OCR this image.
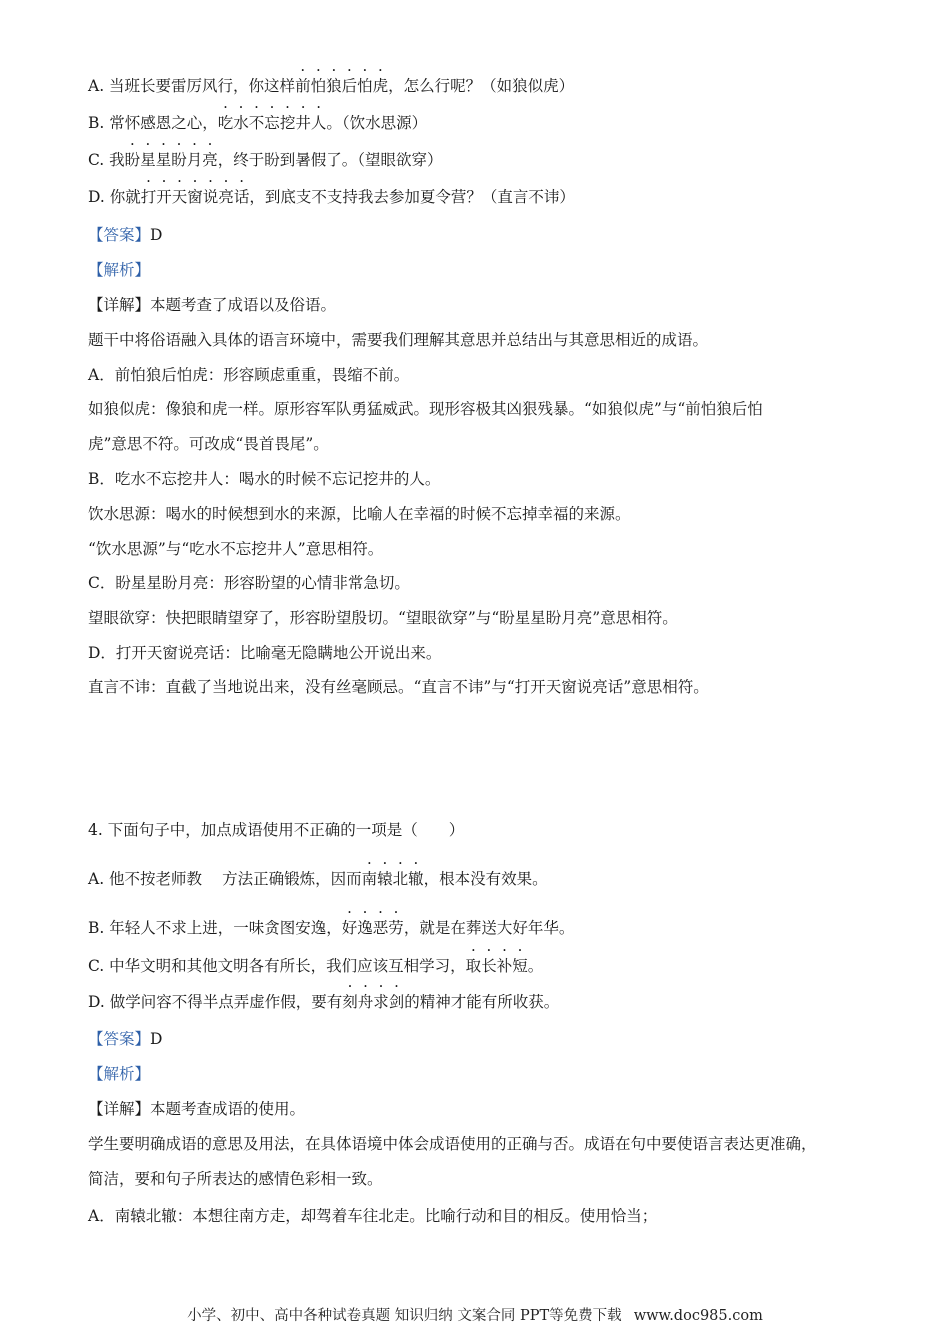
A. 当班长要雷厉风行，你这样前怕狼后怕虎，怎么行呢？（如狼似虎）
B. 常怀感恩之心，吃水不忘挖井人。（饮水思源）
C. 我盼星星盼月亮，终于盼到暑假了。（望眼欲穿）
D. 你就打开天窗说亮话，到底支不支持我去参加夏令营？（直言不讳）
【答案】D
【解析】
【详解】本题考查了成语以及俗语。
题干中将俗语融入具体的语言环境中，需要我们理解其意思并总结出与其意思相近的成语。
A．前怕狼后怕虎：形容顾虑重重，畏缩不前。
如狼似虎：像狼和虎一样。原形容军队勇猛威武。现形容极其凶狠残暴。“如狼似虎”与“前怕狼后怕
虎”意思不符。可改成“畏首畏尾”。
B．吃水不忘挖井人：喝水的时候不忘记挖井的人。
饮水思源：喝水的时候想到水的来源，比喻人在幸福的时候不忘掉幸福的来源。
“饮水思源”与“吃水不忘挖井人”意思相符。
C．盼星星盼月亮：形容盼望的心情非常急切。
望眼欲穿：快把眼睛望穿了，形容盼望殷切。“望眼欲穿”与“盼星星盼月亮”意思相符。
D．打开天窗说亮话：比喻毫无隐瞒地公开说出来。
直言不讳：直截了当地说出来，没有丝毫顾忌。“直言不讳”与“打开天窗说亮话”意思相符。
4. 下面句子中，加点成语使用不正确的一项是（　　）
A. 他不按老师教 方法正确锻炼，因而南辕北辙，根本没有效果。
B. 年轻人不求上进，一味贪图安逸，好逸恶劳，就是在葬送大好年华。
C. 中华文明和其他文明各有所长，我们应该互相学习，取长补短。
D. 做学问容不得半点弄虚作假，要有刻舟求剑的精神才能有所收获。
【答案】D
【解析】
【详解】本题考查成语的使用。
学生要明确成语的意思及用法，在具体语境中体会成语使用的正确与否。成语在句中要使语言表达更准确，
简洁，要和句子所表达的感情色彩相一致。
A．南辕北辙：本想往南方走，却驾着车往北走。比喻行动和目的相反。使用恰当；
小学、初中、高中各种试卷真题 知识归纳 文案合同 PPT等免费下载 www.doc985.com
